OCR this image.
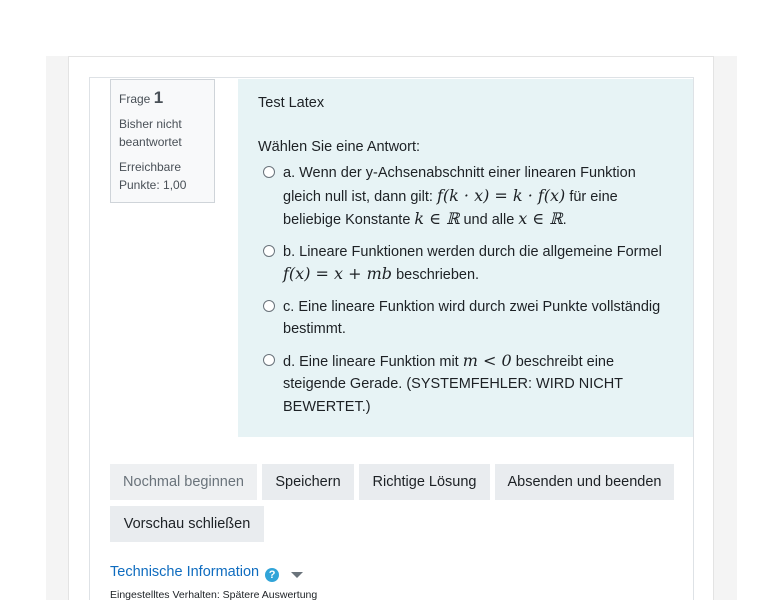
Frage 1
Bisher nicht beantwortet
Erreichbare Punkte: 1,00
Test Latex
Wählen Sie eine Antwort:
a. Wenn der y-Achsenabschnitt einer linearen Funktion gleich null ist, dann gilt: f(k · x) = k · f(x) für eine beliebige Konstante k ∈ ℝ und alle x ∈ ℝ.
b. Lineare Funktionen werden durch die allgemeine Formel f(x) = x + mb beschrieben.
c. Eine lineare Funktion wird durch zwei Punkte vollständig bestimmt.
d. Eine lineare Funktion mit m < 0 beschreibt eine steigende Gerade. (SYSTEMFEHLER: WIRD NICHT BEWERTET.)
Nochmal beginnen	Speichern	Richtige Lösung	Absenden und beenden
Vorschau schließen
Technische Information ?
Eingestelltes Verhalten: Spätere Auswertung
